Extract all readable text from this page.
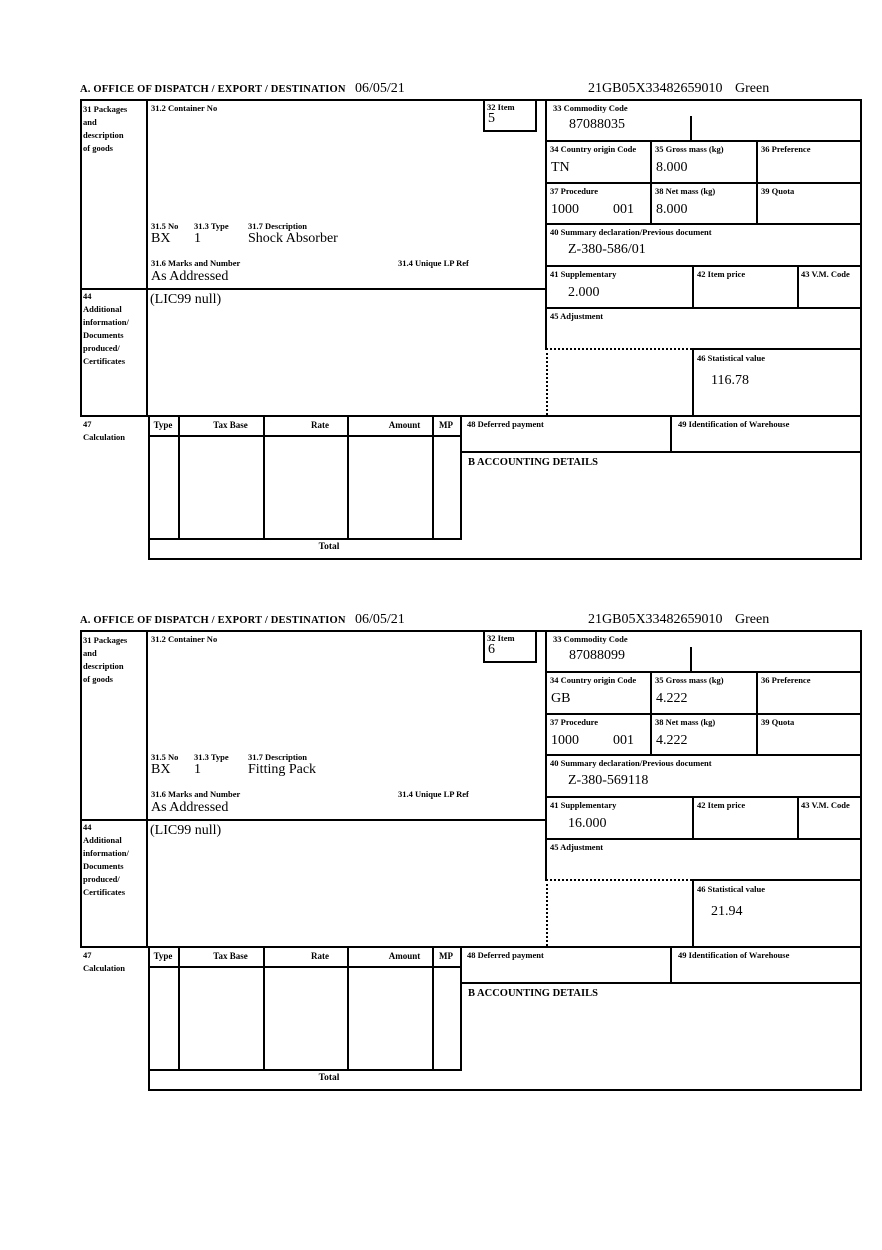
A. OFFICE OF DISPATCH / EXPORT / DESTINATION 06/05/21	21GB05X33482659010 Green
31 Packages
and
description
of goods
31.2 Container No	32 Item
5
31.5 No 31.3 Type 31.7 Description
BX 1	Shock Absorber
31.6 Marks and Number	31.4 Unique LP Ref
As Addressed
33 Commodity Code
87088035
34 Country origin Code
TN
35 Gross mass (kg)
8.000
36 Preference
37 Procedure
1000 001
38 Net mass (kg)
8.000
39 Quota
40 Summary declaration/Previous document
Z-380-586/01
41 Supplementary
2.000
42 Item price	43 V.M. Code
45 Adjustment
46 Statistical value
116.78
44
Additional
information/
Documents
produced/
Certificates
(LIC99 null)
47
Calculation
Type	Tax Base	Rate	Amount	MP
Total
48 Deferred payment	49 Identification of Warehouse
B ACCOUNTING DETAILS
A. OFFICE OF DISPATCH / EXPORT / DESTINATION 06/05/21	21GB05X33482659010 Green
31 Packages
and
description
of goods
31.2 Container No	32 Item
6
31.5 No 31.3 Type 31.7 Description
BX 1	Fitting Pack
31.6 Marks and Number	31.4 Unique LP Ref
As Addressed
33 Commodity Code
87088099
34 Country origin Code
GB
35 Gross mass (kg)
4.222
36 Preference
37 Procedure
1000 001
38 Net mass (kg)
4.222
39 Quota
40 Summary declaration/Previous document
Z-380-569118
41 Supplementary
16.000
42 Item price	43 V.M. Code
45 Adjustment
46 Statistical value
21.94
44
Additional
information/
Documents
produced/
Certificates
(LIC99 null)
47
Calculation
Type	Tax Base	Rate	Amount	MP
Total
48 Deferred payment	49 Identification of Warehouse
B ACCOUNTING DETAILS
